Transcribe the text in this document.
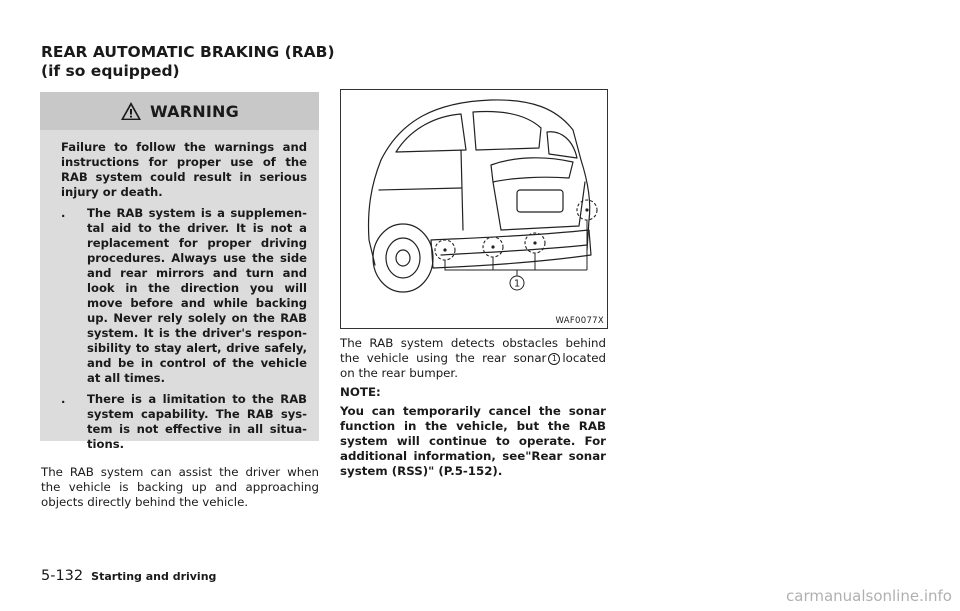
REAR AUTOMATIC BRAKING (RAB)
(if so equipped)
WARNING

Failure to follow the warnings and instructions for proper use of the RAB system could result in serious injury or death.

.	The RAB system is a supplemen-tal aid to the driver. It is not a replacement for proper driving procedures. Always use the side and rear mirrors and turn and look in the direction you will move before and while backing up. Never rely solely on the RAB system. It is the driver's respon-sibility to stay alert, drive safely, and be in control of the vehicle at all times.
.	There is a limitation to the RAB system capability. The RAB sys-tem is not effective in all situa-tions.

The RAB system can assist the driver when the vehicle is backing up and approaching objects directly behind the vehicle.

1
WAF0077X

The RAB system detects obstacles behind the vehicle using the rear sonar 1 located on the rear bumper.

NOTE:

You can temporarily cancel the sonar function in the vehicle, but the RAB system will continue to operate. For additional information, see"Rear sonar system (RSS)" (P.5-152).

5-132 Starting and driving
carmanualsonline.info
